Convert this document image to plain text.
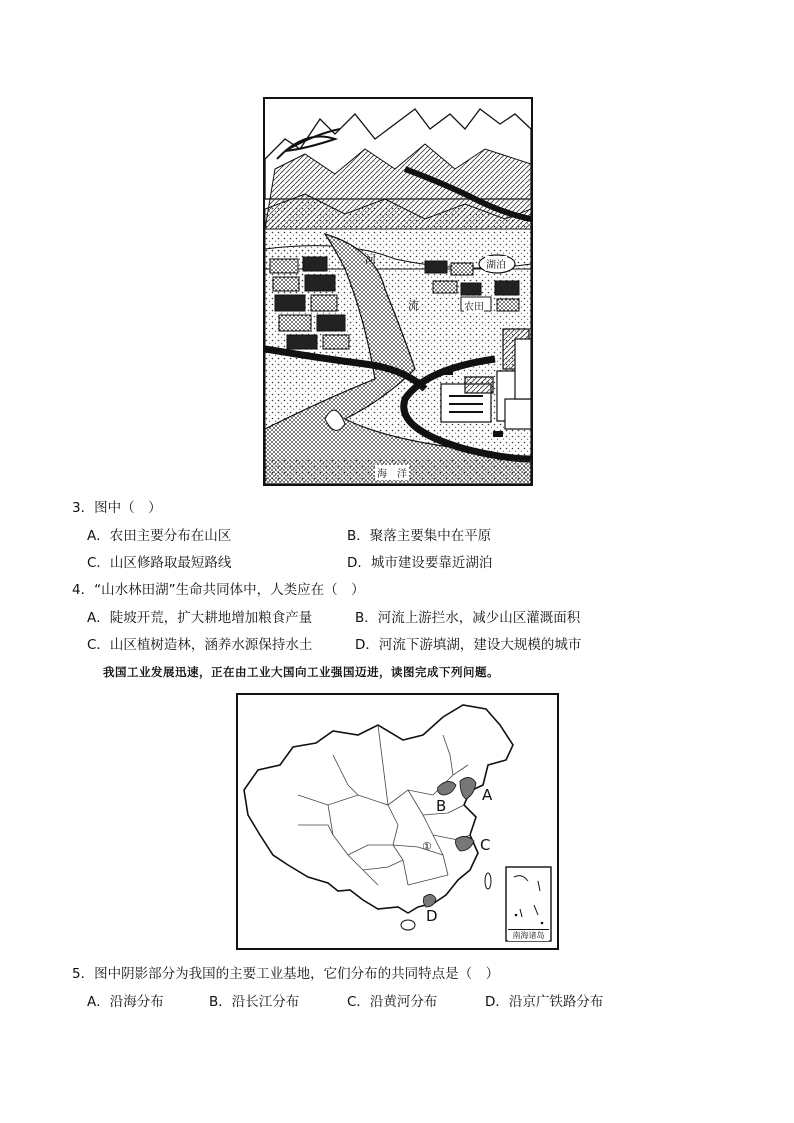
河
流
湖泊
农田
海　洋
3．图中（　）
A．农田主要分布在山区	B．聚落主要集中在平原
C．山区修路取最短路线	D．城市建设要靠近湖泊
4．“山水林田湖”生命共同体中，人类应在（　）
A．陡坡开荒，扩大耕地增加粮食产量	B．河流上游拦水，减少山区灌溉面积
C．山区植树造林，涵养水源保持水土	D．河流下游填湖，建设大规模的城市
我国工业发展迅速，正在由工业大国向工业强国迈进，读图完成下列问题。
A
B
C
D
①
南海诸岛
5．图中阴影部分为我国的主要工业基地，它们分布的共同特点是（　）
A．沿海分布	B．沿长江分布	C．沿黄河分布	D．沿京广铁路分布
